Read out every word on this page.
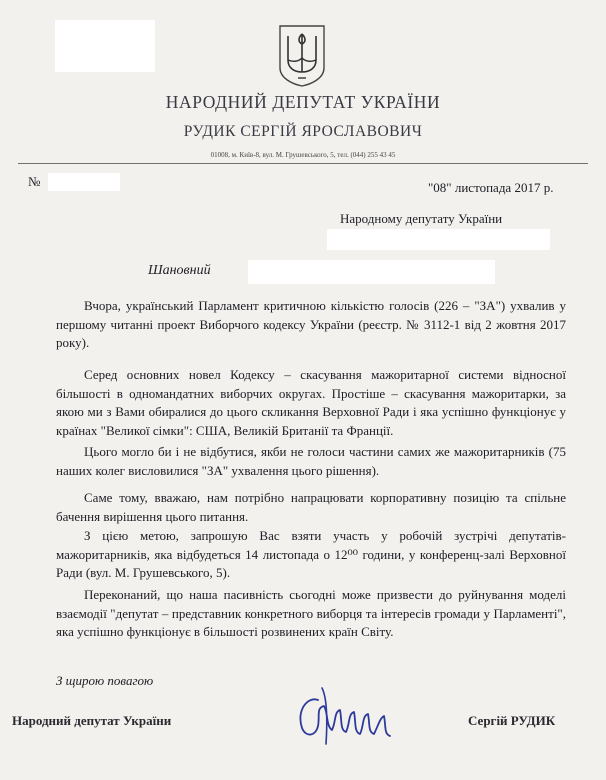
НАРОДНИЙ ДЕПУТАТ УКРАЇНИ
РУДИК СЕРГІЙ ЯРОСЛАВОВИЧ
01008, м. Київ-8, вул. М. Грушевського, 5, тел. (044) 255 43 45
№	"08" листопада 2017 р.
Народному депутату України
Шановний
Вчора, український Парламент критичною кількістю голосів (226 – "ЗА") ухвалив у першому читанні проект Виборчого кодексу України (реєстр. № 3112-1 від 2 жовтня 2017 року).
Серед основних новел Кодексу – скасування мажоритарної системи відносної більшості в одномандатних виборчих округах. Простіше – скасування мажоритарки, за якою ми з Вами обиралися до цього скликання Верховної Ради і яка успішно функціонує у країнах "Великої сімки": США, Великій Британії та Франції.
Цього могло би і не відбутися, якби не голоси частини самих же мажоритарників (75 наших колег висловилися "ЗА" ухвалення цього рішення).
Саме тому, вважаю, нам потрібно напрацювати корпоративну позицію та спільне бачення вирішення цього питання.
З цією метою, запрошую Вас взяти участь у робочій зустрічі депутатів-мажоритарників, яка відбудеться 14 листопада о 12⁰⁰ години, у конференц-залі Верховної Ради (вул. М. Грушевського, 5).
Переконаний, що наша пасивність сьогодні може призвести до руйнування моделі взаємодії "депутат – представник конкретного виборця та інтересів громади у Парламенті", яка успішно функціонує в більшості розвинених країн Світу.
З щирою повагою
Народний депутат України	Сергій РУДИК
